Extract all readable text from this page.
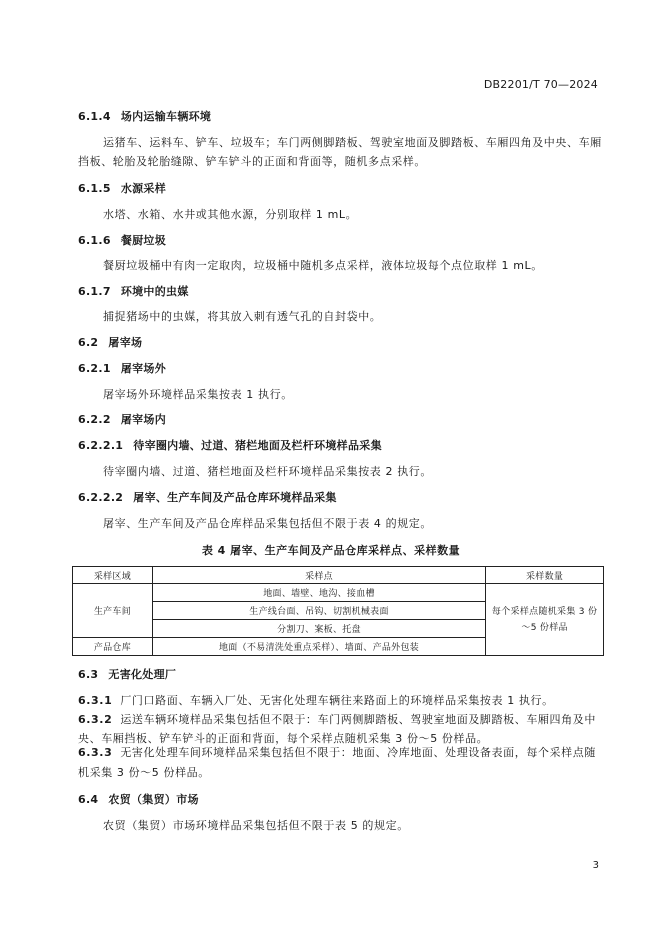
DB2201/T 70—2024
6.1.4 场内运输车辆环境
运猪车、运料车、铲车、垃圾车；车门两侧脚踏板、驾驶室地面及脚踏板、车厢四角及中央、车厢
挡板、轮胎及轮胎缝隙、铲车铲斗的正面和背面等，随机多点采样。
6.1.5 水源采样
水塔、水箱、水井或其他水源，分别取样 1 mL。
6.1.6 餐厨垃圾
餐厨垃圾桶中有肉一定取肉，垃圾桶中随机多点采样，液体垃圾每个点位取样 1 mL。
6.1.7 环境中的虫媒
捕捉猪场中的虫媒，将其放入刺有透气孔的自封袋中。
6.2 屠宰场
6.2.1 屠宰场外
屠宰场外环境样品采集按表 1 执行。
6.2.2 屠宰场内
6.2.2.1 待宰圈内墙、过道、猪栏地面及栏杆环境样品采集
待宰圈内墙、过道、猪栏地面及栏杆环境样品采集按表 2 执行。
6.2.2.2 屠宰、生产车间及产品仓库环境样品采集
屠宰、生产车间及产品仓库样品采集包括但不限于表 4 的规定。
表 4 屠宰、生产车间及产品仓库采样点、采样数量
采样区域	采样点	采样数量
生产车间	地面、墙壁、地沟、接血槽	每个采样点随机采集 3 份～5 份样品
	生产线台面、吊钩、切割机械表面	
	分割刀、案板、托盘	
产品仓库	地面（不易清洗处重点采样）、墙面、产品外包装	
6.3 无害化处理厂
6.3.1 厂门口路面、车辆入厂处、无害化处理车辆往来路面上的环境样品采集按表 1 执行。
6.3.2 运送车辆环境样品采集包括但不限于：车门两侧脚踏板、驾驶室地面及脚踏板、车厢四角及中
央、车厢挡板、铲车铲斗的正面和背面，每个采样点随机采集 3 份～5 份样品。
6.3.3 无害化处理车间环境样品采集包括但不限于：地面、冷库地面、处理设备表面，每个采样点随
机采集 3 份～5 份样品。
6.4 农贸（集贸）市场
农贸（集贸）市场环境样品采集包括但不限于表 5 的规定。
3
